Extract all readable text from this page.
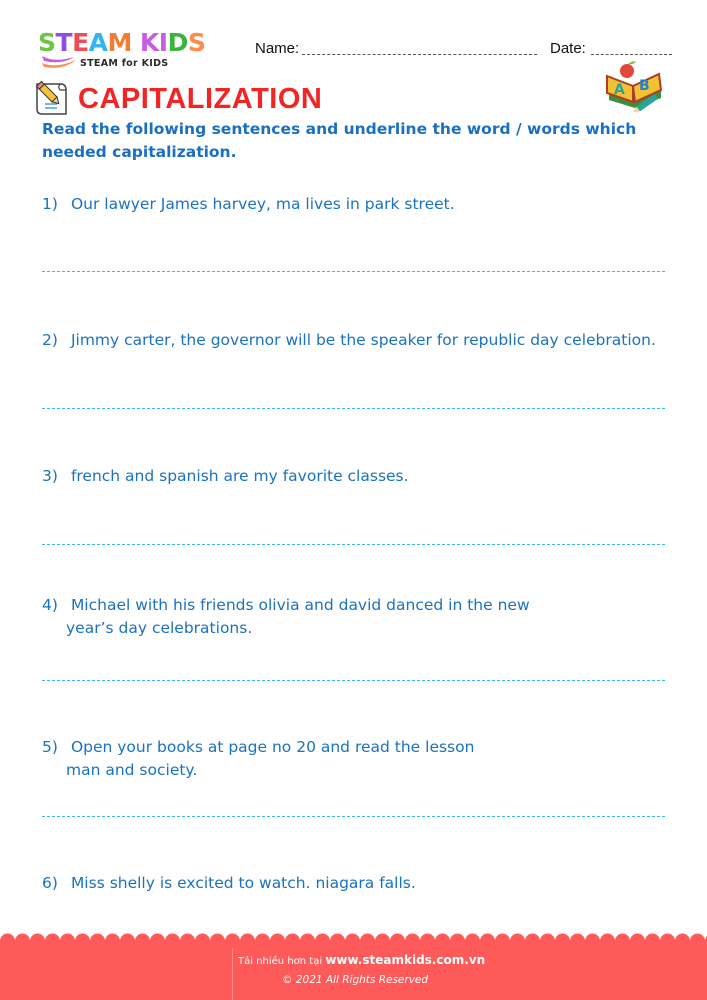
STEAM KIDS
STEAM for KIDS
Name:	Date:
CAPITALIZATION	A B
Read the following sentences and underline the word / words which needed capitalization.
1) Our lawyer James harvey, ma lives in park street.
2) Jimmy carter, the governor will be the speaker for republic day celebration.
3) french and spanish are my favorite classes.
4) Michael with his friends olivia and david danced in the new
year’s day celebrations.
5) Open your books at page no 20 and read the lesson
man and society.
6) Miss shelly is excited to watch. niagara falls.
Tải nhiều hơn tại www.steamkids.com.vn
© 2021 All Rights Reserved
